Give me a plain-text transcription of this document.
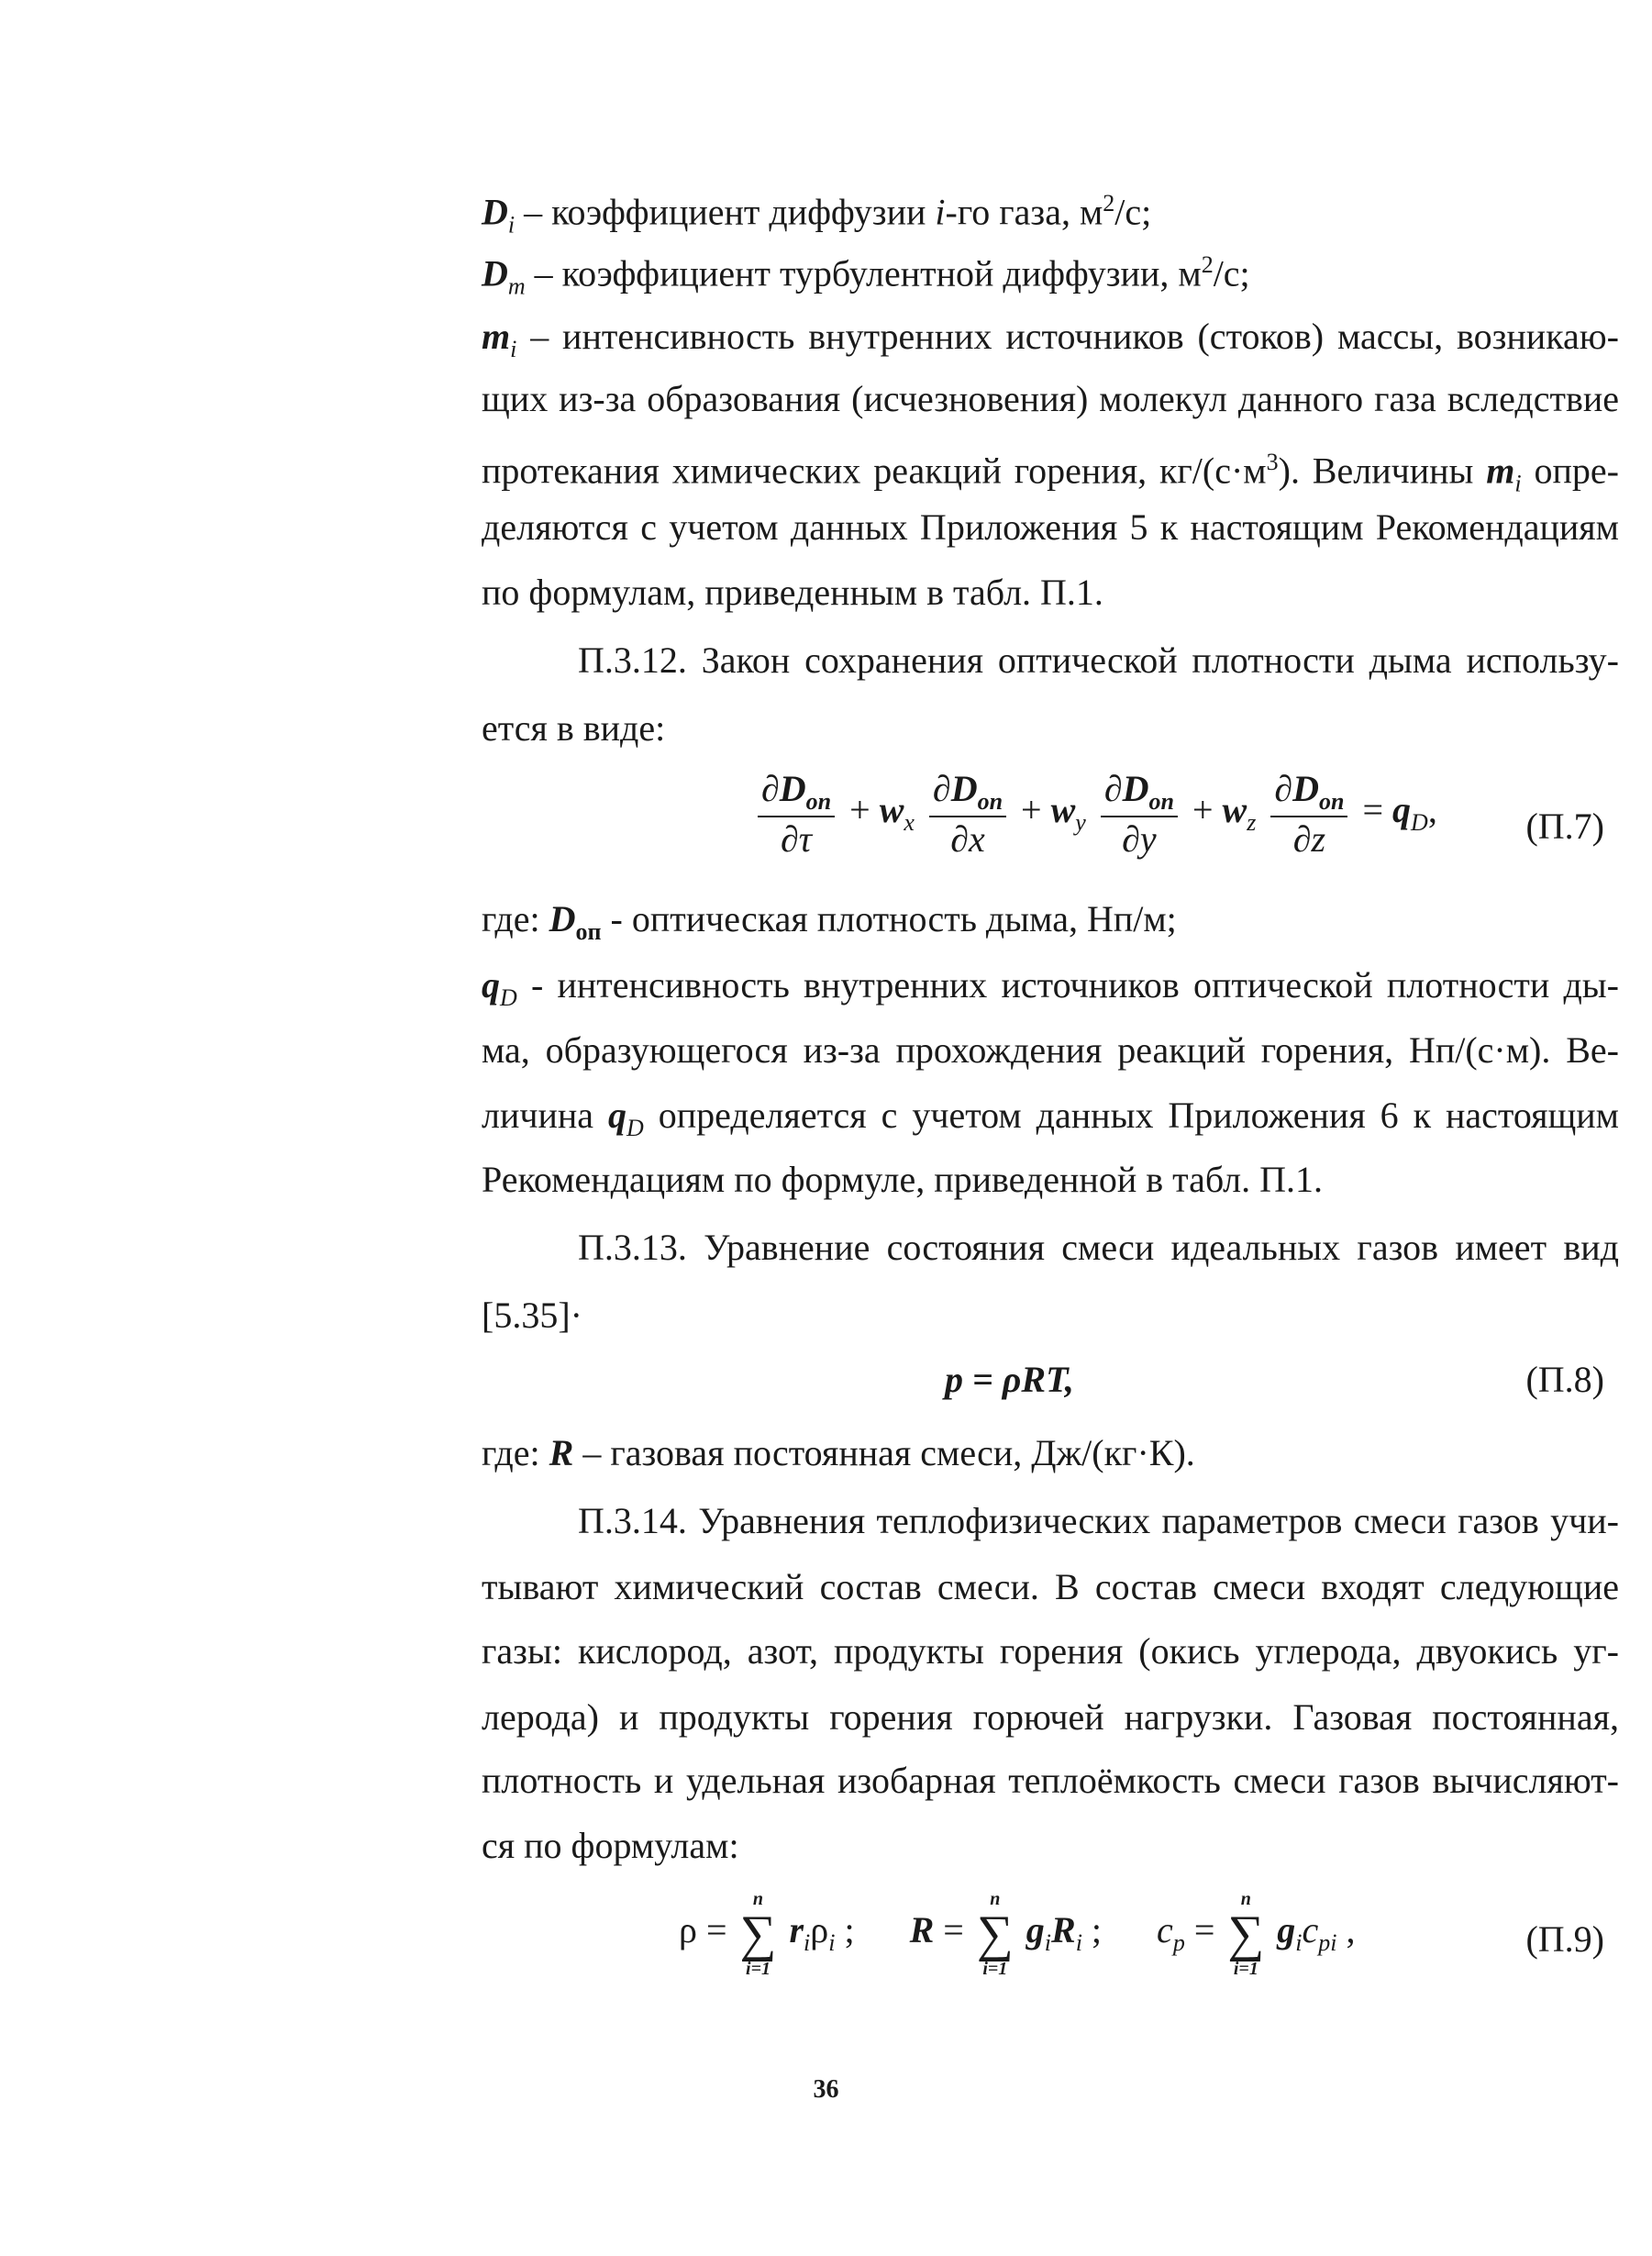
$D_i$ – коэффициент диффузии i-го газа, $м^2/с$;
$D_т$ – коэффициент турбулентной диффузии, $м^2/с$;
$m_i$ – интенсивность внутренних источников (стоков) массы, возникаю-
щих из-за образования (исчезновения) молекул данного газа вследствие
протекания химических реакций горения, $кг/(с\cdot м^3)$. Величины $m_i$ опре-
деляются с учетом данных Приложения 5 к настоящим Рекомендациям
по формулам, приведенным в табл. П.1.
П.3.12. Закон сохранения оптической плотности дыма использу-
ется в виде:
$\frac{\partial D_{оп}}{\partial\tau} + w_x \frac{\partial D_{оп}}{\partial x} + w_y \frac{\partial D_{оп}}{\partial y} + w_z \frac{\partial D_{оп}}{\partial z} = q_D$, (П.7)
где: $D_{оп}$ - оптическая плотность дыма, Нп/м;
$q_D$ - интенсивность внутренних источников оптической плотности ды-
ма, образующегося из-за прохождения реакций горения, Нп/(с·м). Ве-
личина $q_D$ определяется с учетом данных Приложения 6 к настоящим
Рекомендациям по формуле, приведенной в табл. П.1.
П.3.13. Уравнение состояния смеси идеальных газов имеет вид
[5.35]·
p = ρRT,	(П.8)
где: R – газовая постоянная смеси, Дж/(кг·К).
П.3.14. Уравнения теплофизических параметров смеси газов учи-
тывают химический состав смеси. В состав смеси входят следующие
газы: кислород, азот, продукты горения (окись углерода, двуокись уг-
лерода) и продукты горения горючей нагрузки. Газовая постоянная,
плотность и удельная изобарная теплоёмкость смеси газов вычисляют-
ся по формулам:
ρ =
n
∑
i=1
$r_i\rho_i$ ;      R =
n
∑
i=1
$g_iR_i$ ;      $c_p$ =
n
∑
i=1
$g_ic_{pi}$ ,	(П.9)
36
